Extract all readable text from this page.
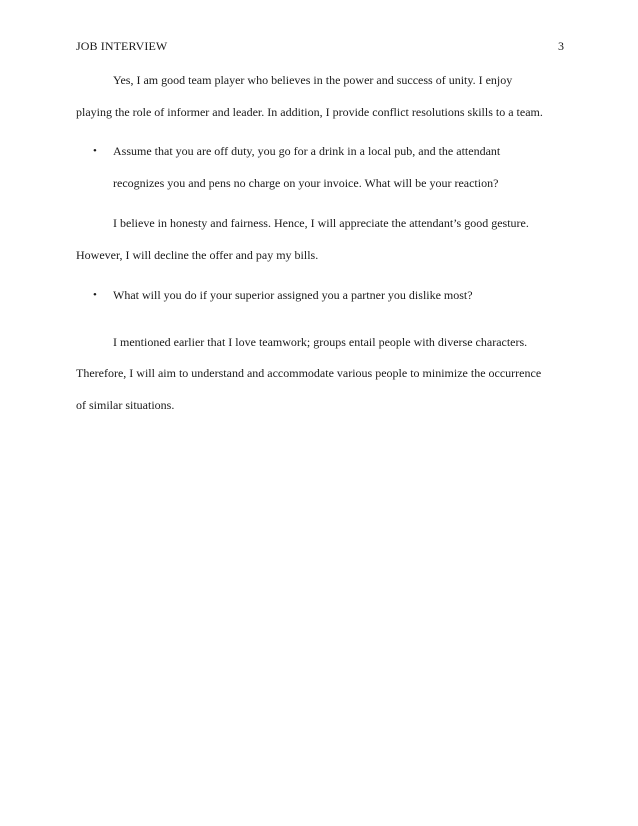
JOB INTERVIEW	3
Yes, I am good team player who believes in the power and success of unity. I enjoy
playing the role of informer and leader. In addition, I provide conflict resolutions skills to a team.
•	Assume that you are off duty, you go for a drink in a local pub, and the attendant
recognizes you and pens no charge on your invoice. What will be your reaction?
I believe in honesty and fairness. Hence, I will appreciate the attendant’s good gesture.
However, I will decline the offer and pay my bills.
•	What will you do if your superior assigned you a partner you dislike most?
I mentioned earlier that I love teamwork; groups entail people with diverse characters.
Therefore, I will aim to understand and accommodate various people to minimize the occurrence
of similar situations.
